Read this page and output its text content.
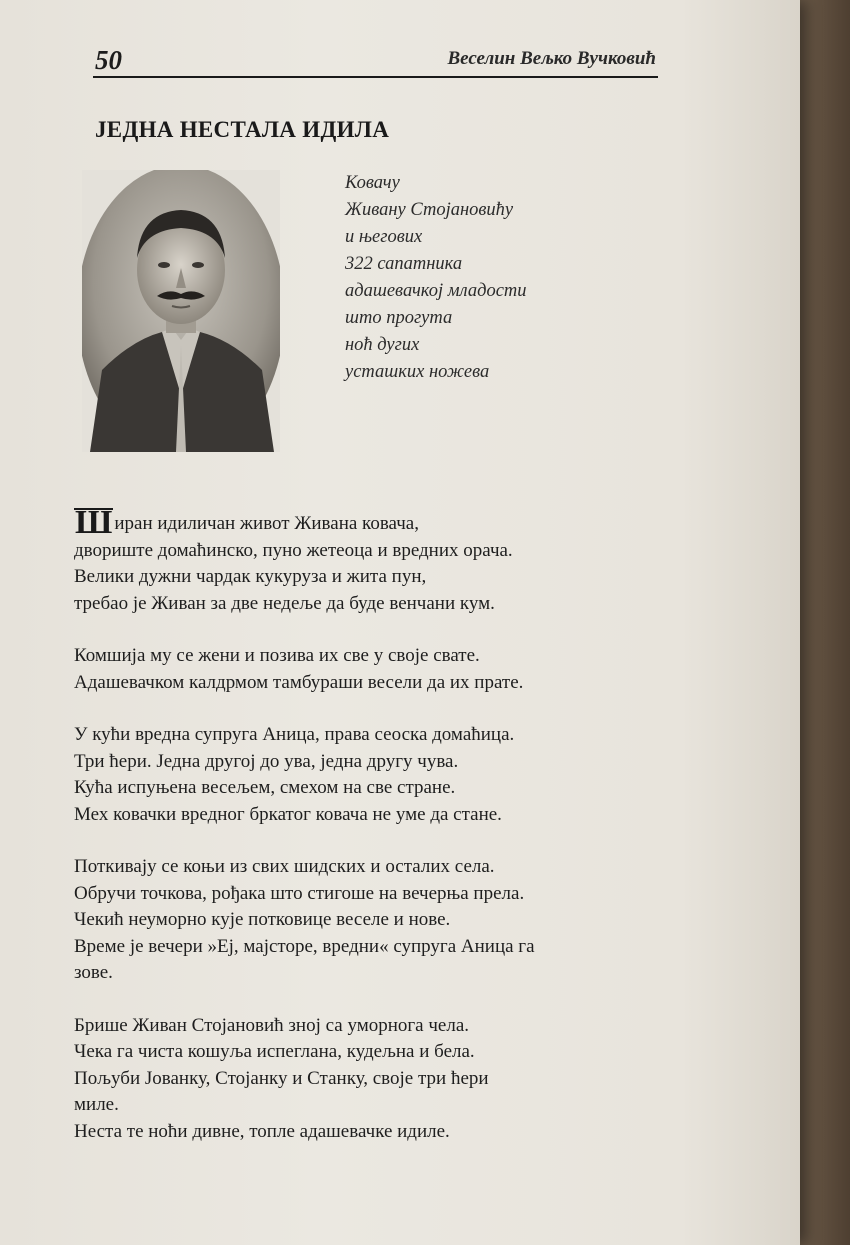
50	Веселин Вељко Вучковић
ЈЕДНА НЕСТАЛА ИДИЛА
Ковачу
Живану Стојановићу
и његових
322 сапатника
адашевачкој младости
што прогута
ноћ дугих
усташких ножева
Ш иран идиличан живот Живана ковача,
двориште домаћинско, пуно жетеоца и вредних орача.
Велики дужни чардак кукуруза и жита пун,
требао је Живан за две недеље да буде венчани кум.
Комшија му се жени и позива их све у своје свате.
Адашевачком калдрмом тамбураши весели да их прате.
У кући вредна супруга Аница, права сеоска домаћица.
Три ћери. Једна другој до ува, једна другу чува.
Кућа испуњена весељем, смехом на све стране.
Мех ковачки вредног бркатог ковача не уме да стане.
Поткивају се коњи из свих шидских и осталих села.
Обручи точкова, рођака што стигоше на вечерња прела.
Чекић неуморно кује потковице веселе и нове.
Време је вечери »Еј, мајсторе, вредни« супруга Аница га
зове.
Брише Живан Стојановић зној са уморнога чела.
Чека га чиста кошуља испеглана, кудељна и бела.
Пољуби Јованку, Стојанку и Станку, своје три ћери
миле.
Неста те ноћи дивне, топле адашевачке идиле.
